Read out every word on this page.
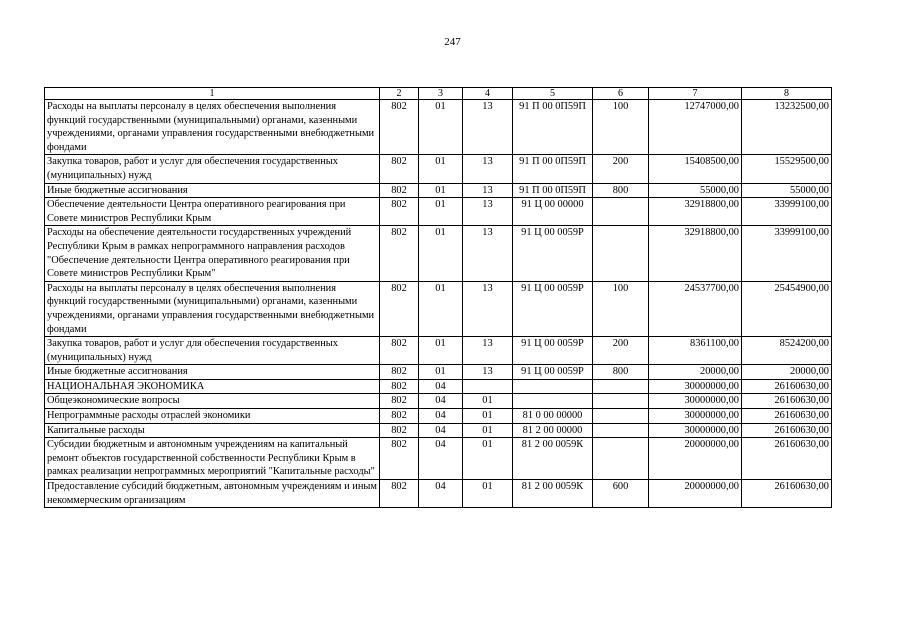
247
1	2	3	4	5	6	7	8
Расходы на выплаты персоналу в целях обеспечения выполнения функций государственными (муниципальными) органами, казенными учреждениями, органами управления государственными внебюджетными фондами	802	01	13	91 П 00 0П59П	100	12747000,00	13232500,00
Закупка товаров, работ и услуг для обеспечения государственных (муниципальных) нужд	802	01	13	91 П 00 0П59П	200	15408500,00	15529500,00
Иные бюджетные ассигнования	802	01	13	91 П 00 0П59П	800	55000,00	55000,00
Обеспечение деятельности Центра оперативного реагирования при Совете министров Республики Крым	802	01	13	91 Ц 00 00000		32918800,00	33999100,00
Расходы на обеспечение деятельности государственных учреждений Республики Крым в рамках непрограммного направления расходов "Обеспечение деятельности Центра оперативного реагирования при Совете министров Республики Крым"	802	01	13	91 Ц 00 0059Р		32918800,00	33999100,00
Расходы на выплаты персоналу в целях обеспечения выполнения функций государственными (муниципальными) органами, казенными учреждениями, органами управления государственными внебюджетными фондами	802	01	13	91 Ц 00 0059Р	100	24537700,00	25454900,00
Закупка товаров, работ и услуг для обеспечения государственных (муниципальных) нужд	802	01	13	91 Ц 00 0059Р	200	8361100,00	8524200,00
Иные бюджетные ассигнования	802	01	13	91 Ц 00 0059Р	800	20000,00	20000,00
НАЦИОНАЛЬНАЯ ЭКОНОМИКА	802	04				30000000,00	26160630,00
Общеэкономические вопросы	802	04	01			30000000,00	26160630,00
Непрограммные расходы отраслей экономики	802	04	01	81 0 00 00000		30000000,00	26160630,00
Капитальные расходы	802	04	01	81 2 00 00000		30000000,00	26160630,00
Субсидии бюджетным и автономным учреждениям на капитальный ремонт объектов государственной собственности Республики Крым в рамках реализации непрограммных мероприятий "Капитальные расходы"	802	04	01	81 2 00 0059К		20000000,00	26160630,00
Предоставление субсидий бюджетным, автономным учреждениям и иным некоммерческим организациям	802	04	01	81 2 00 0059К	600	20000000,00	26160630,00
